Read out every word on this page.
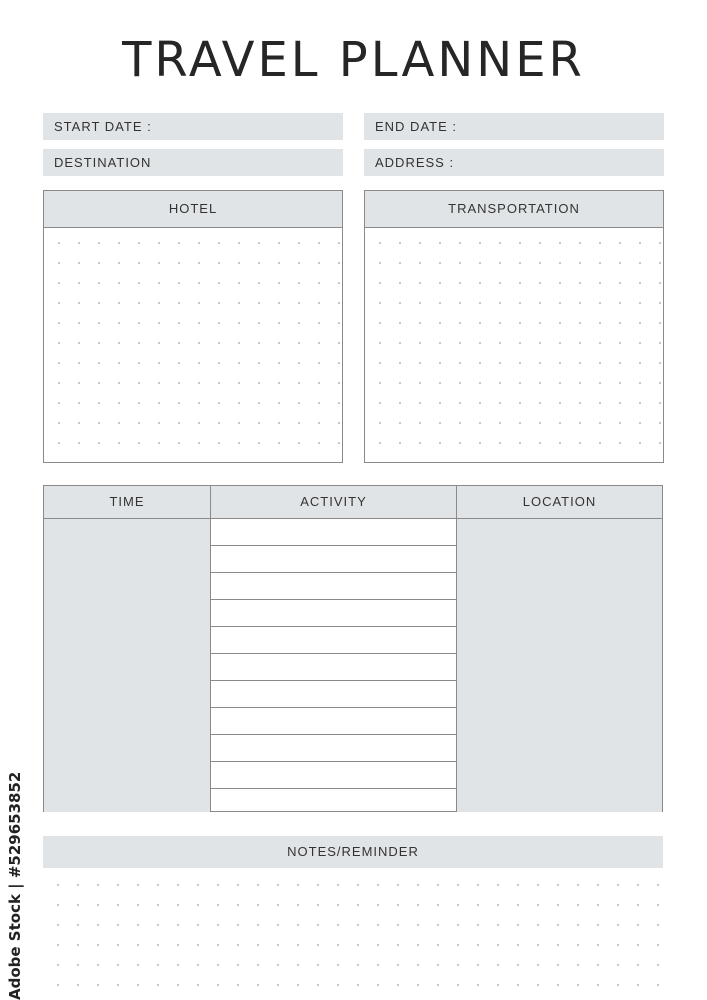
TRAVEL PLANNER
START DATE :	END DATE :
DESTINATION	ADDRESS :
HOTEL	TRANSPORTATION
TIME	ACTIVITY	LOCATION
NOTES/REMINDER
Adobe Stock | #529653852
